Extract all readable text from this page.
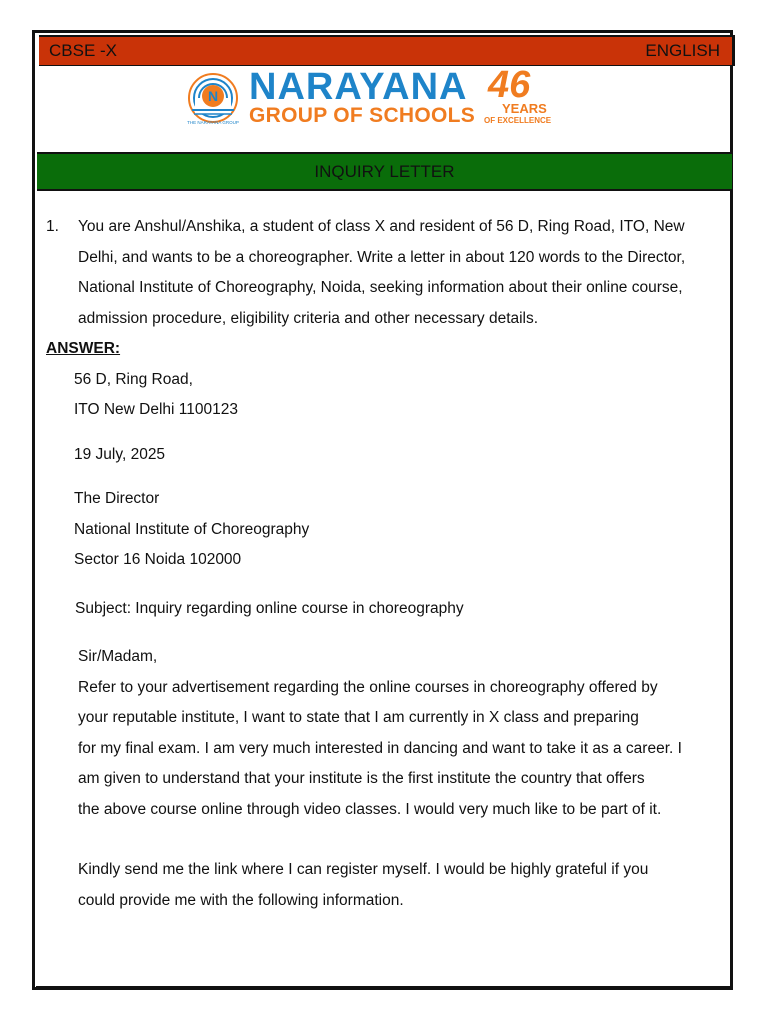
CBSE -X	ENGLISH
N
THE NARAYANA GROUP
NARAYANA
GROUP OF SCHOOLS
46
YEARS
OF EXCELLENCE
INQUIRY LETTER
1.	You are Anshul/Anshika, a student of class X and resident of 56 D, Ring Road, ITO, New Delhi, and wants to be a choreographer. Write a letter in about 120 words to the Director, National Institute of Choreography, Noida, seeking information about their online course, admission procedure, eligibility criteria and other necessary details.
ANSWER:
56 D, Ring Road,
ITO New Delhi 1100123
19 July, 2025
The Director
National Institute of Choreography
Sector 16 Noida 102000
Subject: Inquiry regarding online course in choreography
Sir/Madam,
Refer to your advertisement regarding the online courses in choreography offered by
your reputable institute, I want to state that I am currently in X class and preparing
for my final exam. I am very much interested in dancing and want to take it as a career. I
am given to understand that your institute is the first institute the country that offers
the above course online through video classes. I would very much like to be part of it.
Kindly send me the link where I can register myself. I would be highly grateful if you
could provide me with the following information.
